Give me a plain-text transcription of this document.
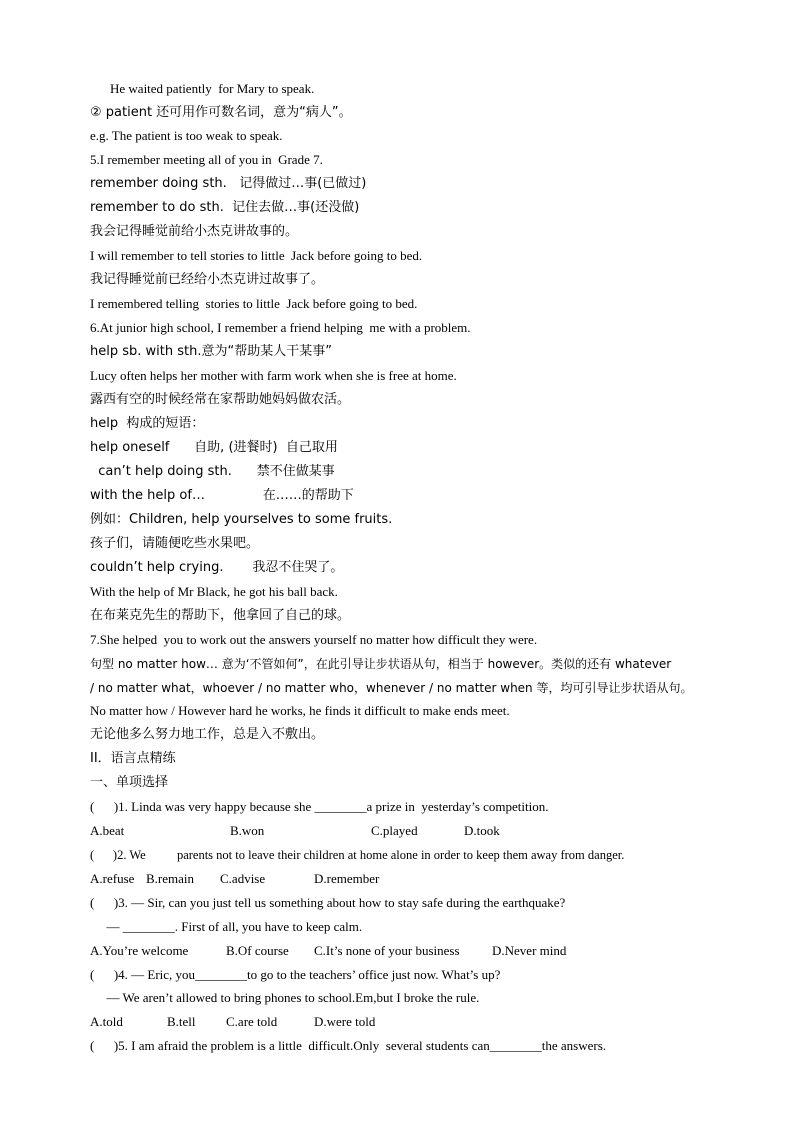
He waited patiently  for Mary to speak.
② patient 还可用作可数名词，意为“病人”。
e.g. The patient is too weak to speak.
5.I remember meeting all of you in  Grade 7.
remember doing sth.   记得做过…事(已做过)
remember to do sth.  记住去做…事(还没做)
我会记得睡觉前给小杰克讲故事的。
I will remember to tell stories to little  Jack before going to bed.
我记得睡觉前已经给小杰克讲过故事了。
I remembered telling  stories to little  Jack before going to bed.
6.At junior high school, I remember a friend helping  me with a problem.
help sb. with sth.意为“帮助某人干某事”
Lucy often helps her mother with farm work when she is free at home.
露西有空的时候经常在家帮助她妈妈做农活。
help  构成的短语：
help oneself      自助, (进餐时)  自己取用
can’t help doing sth.      禁不住做某事
with the help of…              在……的帮助下
例如：Children, help yourselves to some fruits.
孩子们，请随便吃些水果吧。
couldn’t help crying.       我忍不住哭了。
With the help of Mr Black, he got his ball back.
在布莱克先生的帮助下，他拿回了自己的球。
7.She helped  you to work out the answers yourself no matter how difficult they were.
句型 no matter how… 意为‘不管如何”，在此引导让步状语从句，相当于 however。类似的还有 whatever
/ no matter what，whoever / no matter who，whenever / no matter when 等，均可引导让步状语从句。
No matter how / However hard he works, he finds it difficult to make ends meet.
无论他多么努力地工作，总是入不敷出。
II．语言点精练
一、单项选择
(      )1. Linda was very happy because she ________a prize in  yesterday’s competition.
A.beat	B.won	C.played	D.took
(      )2. We          parents not to leave their children at home alone in order to keep them away from danger.
A.refuse B.remain C.advise	D.remember
(      )3. — Sir, can you just tell us something about how to stay safe during the earthquake?
— ________. First of all, you have to keep calm.
A.You’re welcome	B.Of course C.It’s none of your business D.Never mind
(      )4. — Eric, you________to go to the teachers’ office just now. What’s up?
— We aren’t allowed to bring phones to school.Em,but I broke the rule.
A.told	B.tell C.are told	D.were told
(      )5. I am afraid the problem is a little  difficult.Only  several students can________the answers.
